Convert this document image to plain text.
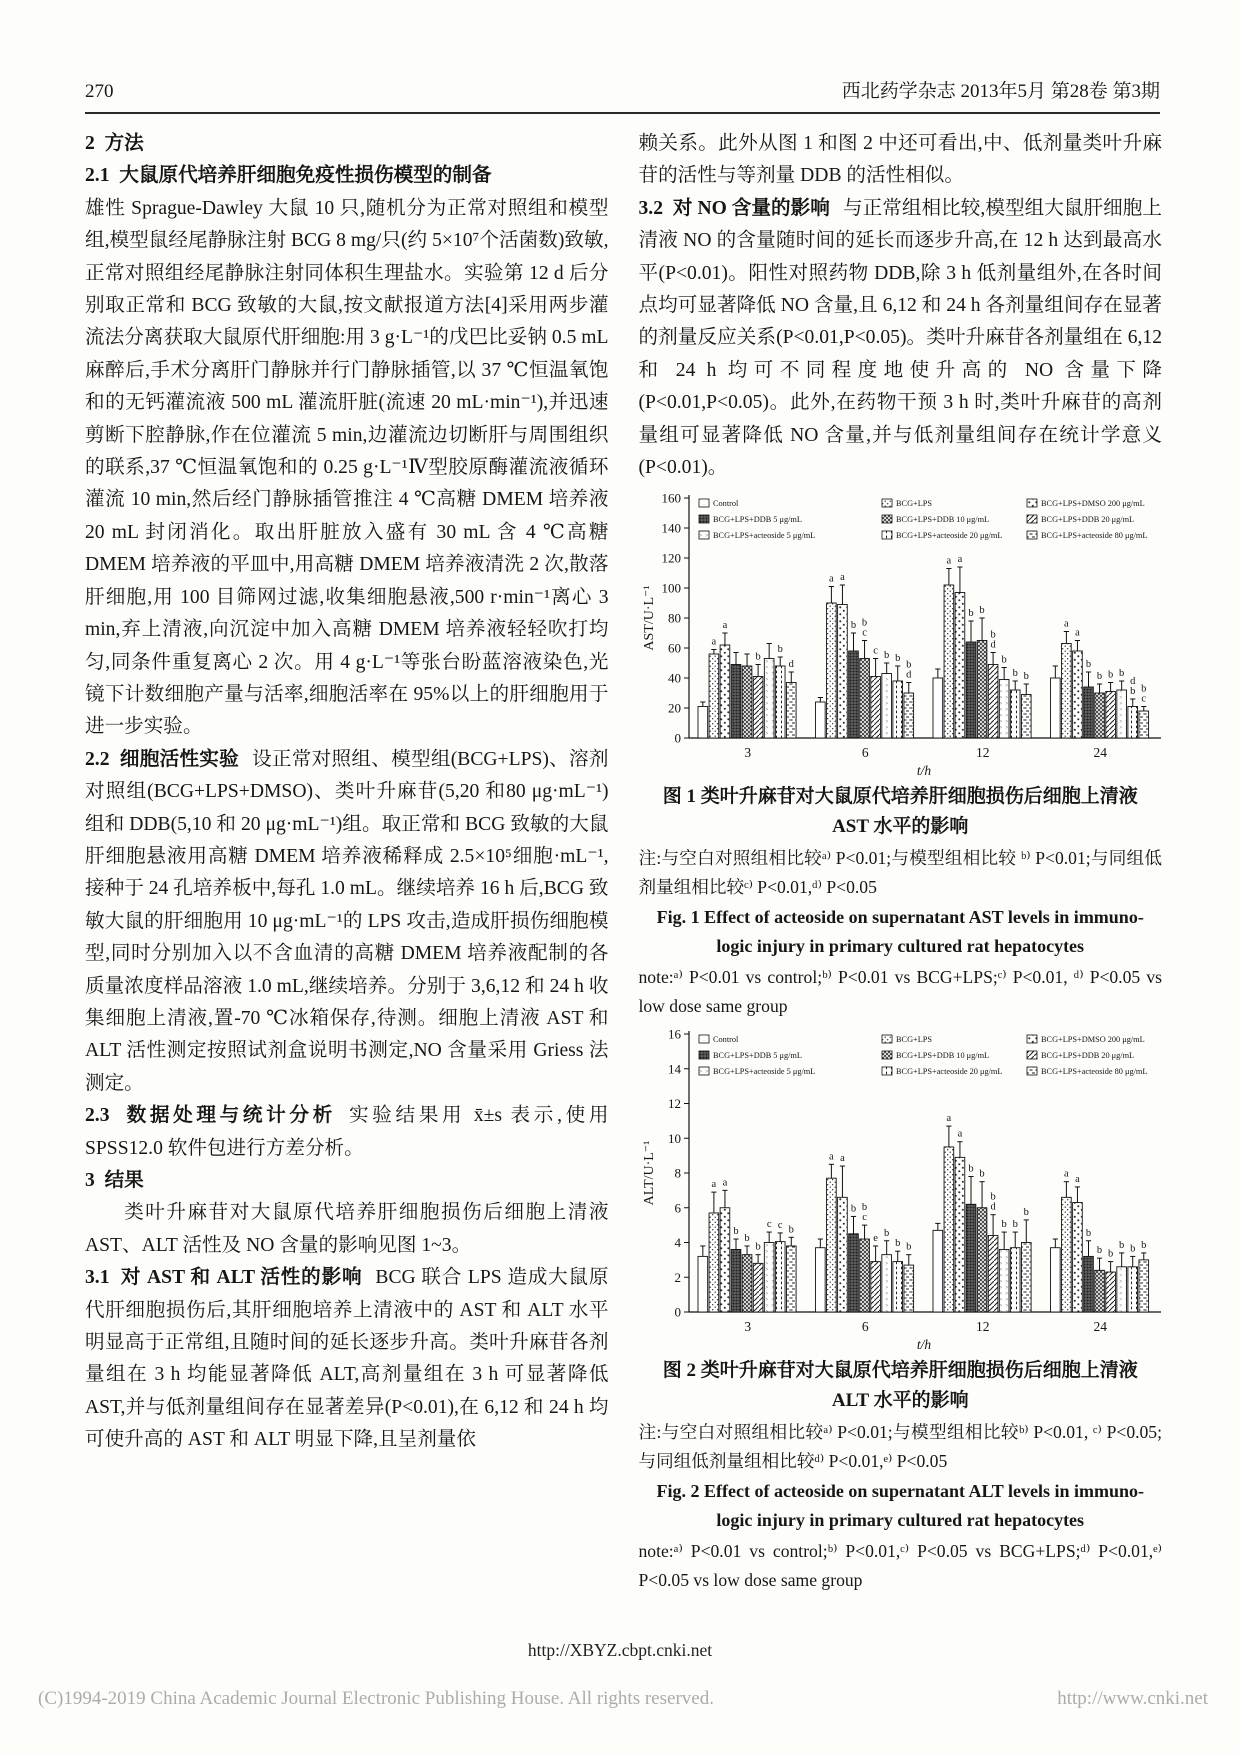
270	西北药学杂志 2013年5月 第28卷 第3期
2  方法
2.1  大鼠原代培养肝细胞免疫性损伤模型的制备
雄性 Sprague-Dawley 大鼠 10 只,随机分为正常对照组和模型组,模型鼠经尾静脉注射 BCG 8 mg/只(约 5×10⁷个活菌数)致敏,正常对照组经尾静脉注射同体积生理盐水。实验第 12 d 后分别取正常和 BCG 致敏的大鼠,按文献报道方法[4]采用两步灌流法分离获取大鼠原代肝细胞:用 3 g·L⁻¹的戊巴比妥钠 0.5 mL 麻醉后,手术分离肝门静脉并行门静脉插管,以 37 ℃恒温氧饱和的无钙灌流液 500 mL 灌流肝脏(流速 20 mL·min⁻¹),并迅速剪断下腔静脉,作在位灌流 5 min,边灌流边切断肝与周围组织的联系,37 ℃恒温氧饱和的 0.25 g·L⁻¹Ⅳ型胶原酶灌流液循环灌流 10 min,然后经门静脉插管推注 4 ℃高糖 DMEM 培养液 20 mL 封闭消化。取出肝脏放入盛有 30 mL 含 4 ℃高糖 DMEM 培养液的平皿中,用高糖 DMEM 培养液清洗 2 次,散落肝细胞,用 100 目筛网过滤,收集细胞悬液,500 r·min⁻¹离心 3 min,弃上清液,向沉淀中加入高糖 DMEM 培养液轻轻吹打均匀,同条件重复离心 2 次。用 4 g·L⁻¹等张台盼蓝溶液染色,光镜下计数细胞产量与活率,细胞活率在 95%以上的肝细胞用于进一步实验。
2.2  细胞活性实验 设正常对照组、模型组(BCG+LPS)、溶剂对照组(BCG+LPS+DMSO)、类叶升麻苷(5,20 和80 μg·mL⁻¹)组和 DDB(5,10 和 20 μg·mL⁻¹)组。取正常和 BCG 致敏的大鼠肝细胞悬液用高糖 DMEM 培养液稀释成 2.5×10⁵细胞·mL⁻¹,接种于 24 孔培养板中,每孔 1.0 mL。继续培养 16 h 后,BCG 致敏大鼠的肝细胞用 10 μg·mL⁻¹的 LPS 攻击,造成肝损伤细胞模型,同时分别加入以不含血清的高糖 DMEM 培养液配制的各质量浓度样品溶液 1.0 mL,继续培养。分别于 3,6,12 和 24 h 收集细胞上清液,置-70 ℃冰箱保存,待测。细胞上清液 AST 和 ALT 活性测定按照试剂盒说明书测定,NO 含量采用 Griess 法测定。
2.3  数据处理与统计分析 实验结果用 x̄±s 表示,使用 SPSS12.0 软件包进行方差分析。
3  结果
类叶升麻苷对大鼠原代培养肝细胞损伤后细胞上清液 AST、ALT 活性及 NO 含量的影响见图 1~3。
3.1  对 AST 和 ALT 活性的影响 BCG 联合 LPS 造成大鼠原代肝细胞损伤后,其肝细胞培养上清液中的 AST 和 ALT 水平明显高于正常组,且随时间的延长逐步升高。类叶升麻苷各剂量组在 3 h 均能显著降低 ALT,高剂量组在 3 h 可显著降低 AST,并与低剂量组间存在显著差异(P<0.01),在 6,12 和 24 h 均可使升高的 AST 和 ALT 明显下降,且呈剂量依
赖关系。此外从图 1 和图 2 中还可看出,中、低剂量类叶升麻苷的活性与等剂量 DDB 的活性相似。
3.2  对 NO 含量的影响 与正常组相比较,模型组大鼠肝细胞上清液 NO 的含量随时间的延长而逐步升高,在 12 h 达到最高水平(P<0.01)。阳性对照药物 DDB,除 3 h 低剂量组外,在各时间点均可显著降低 NO 含量,且 6,12 和 24 h 各剂量组间存在显著的剂量反应关系(P<0.01,P<0.05)。类叶升麻苷各剂量组在 6,12 和 24 h 均可不同程度地使升高的 NO 含量下降(P<0.01,P<0.05)。此外,在药物干预 3 h 时,类叶升麻苷的高剂量组可显著降低 NO 含量,并与低剂量组间存在统计学意义(P<0.01)。
0
20
40
60
80
100
120
140
160
a
a
a
a
a
a
a
a
b
b
b
b
c
b
b
b
c
b
d
b
b	b
b
b
b
b
d
b
d	b
d	b
b
c
3	6	12	24
t/h
AST/U·L⁻¹
Control	BCG+LPS	BCG+LPS+DMSO 200 μg/mL
BCG+LPS+DDB 5 μg/mL	BCG+LPS+DDB 10 μg/mL	BCG+LPS+DDB 20 μg/mL
BCG+LPS+acteoside 5 μg/mL	BCG+LPS+acteoside 20 μg/mL	BCG+LPS+acteoside 80 μg/mL
图 1 类叶升麻苷对大鼠原代培养肝细胞损伤后细胞上清液
AST 水平的影响
注:与空白对照组相比较ᵃ⁾ P<0.01;与模型组相比较 ᵇ⁾ P<0.01;与同组低剂量组相比较ᶜ⁾ P<0.01,ᵈ⁾ P<0.05
Fig. 1 Effect of acteoside on supernatant AST levels in immuno-
logic injury in primary cultured rat hepatocytes
note:ᵃ⁾ P<0.01 vs control;ᵇ⁾ P<0.01 vs BCG+LPS;ᶜ⁾ P<0.01, ᵈ⁾ P<0.05 vs low dose same group
0
2
4
6
8
10
12
14
16
a
a
a
a
a
a
a
a
b
b
b
b
b
b
c
b
b
b
e
b
d
b
c
b
b
b
c
b
b
b
b
b
b
b
3	6	12	24
t/h
ALT/U·L⁻¹
Control	BCG+LPS	BCG+LPS+DMSO 200 μg/mL
BCG+LPS+DDB 5 μg/mL	BCG+LPS+DDB 10 μg/mL	BCG+LPS+DDB 20 μg/mL
BCG+LPS+acteoside 5 μg/mL	BCG+LPS+acteoside 20 μg/mL	BCG+LPS+acteoside 80 μg/mL
图 2 类叶升麻苷对大鼠原代培养肝细胞损伤后细胞上清液
ALT 水平的影响
注:与空白对照组相比较ᵃ⁾ P<0.01;与模型组相比较ᵇ⁾ P<0.01, ᶜ⁾ P<0.05;与同组低剂量组相比较ᵈ⁾ P<0.01,ᵉ⁾ P<0.05
Fig. 2 Effect of acteoside on supernatant ALT levels in immuno-
logic injury in primary cultured rat hepatocytes
note:ᵃ⁾ P<0.01 vs control;ᵇ⁾ P<0.01,ᶜ⁾ P<0.05 vs BCG+LPS;ᵈ⁾ P<0.01,ᵉ⁾ P<0.05 vs low dose same group
http://XBYZ.cbpt.cnki.net
(C)1994-2019 China Academic Journal Electronic Publishing House. All rights reserved.	http://www.cnki.net
